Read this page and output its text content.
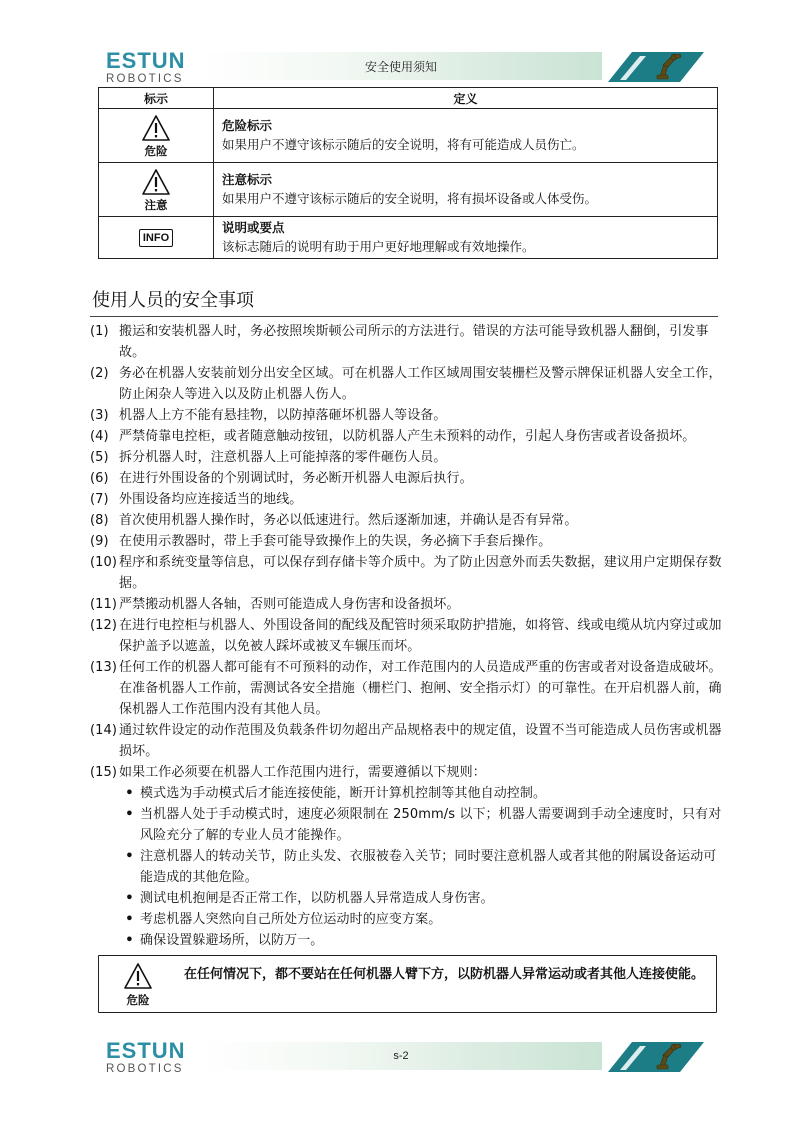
ESTUN
ROBOTICS
安全使用须知
标示	定义

危险	危险标示
如果用户不遵守该标示随后的安全说明，将有可能造成人员伤亡。

注意	注意标示
如果用户不遵守该标示随后的安全说明，将有损坏设备或人体受伤。

INFO	说明或要点
该标志随后的说明有助于用户更好地理解或有效地操作。
使用人员的安全事项
(1) 搬运和安装机器人时，务必按照埃斯顿公司所示的方法进行。错误的方法可能导致机器人翻倒，引发事故。
(2) 务必在机器人安装前划分出安全区域。可在机器人工作区域周围安装栅栏及警示牌保证机器人安全工作，防止闲杂人等进入以及防止机器人伤人。
(3) 机器人上方不能有悬挂物，以防掉落砸坏机器人等设备。
(4) 严禁倚靠电控柜，或者随意触动按钮，以防机器人产生未预料的动作，引起人身伤害或者设备损坏。
(5) 拆分机器人时，注意机器人上可能掉落的零件砸伤人员。
(6) 在进行外围设备的个别调试时，务必断开机器人电源后执行。
(7) 外围设备均应连接适当的地线。
(8) 首次使用机器人操作时，务必以低速进行。然后逐渐加速，并确认是否有异常。
(9) 在使用示教器时，带上手套可能导致操作上的失误，务必摘下手套后操作。
(10) 程序和系统变量等信息，可以保存到存储卡等介质中。为了防止因意外而丢失数据，建议用户定期保存数据。
(11) 严禁搬动机器人各轴，否则可能造成人身伤害和设备损坏。
(12) 在进行电控柜与机器人、外围设备间的配线及配管时须采取防护措施，如将管、线或电缆从坑内穿过或加保护盖予以遮盖，以免被人踩坏或被叉车辗压而坏。
(13) 任何工作的机器人都可能有不可预料的动作，对工作范围内的人员造成严重的伤害或者对设备造成破坏。在准备机器人工作前，需测试各安全措施（栅栏门、抱闸、安全指示灯）的可靠性。在开启机器人前，确保机器人工作范围内没有其他人员。
(14) 通过软件设定的动作范围及负载条件切勿超出产品规格表中的规定值，设置不当可能造成人员伤害或机器损坏。
(15) 如果工作必须要在机器人工作范围内进行，需要遵循以下规则：
• 模式选为手动模式后才能连接使能，断开计算机控制等其他自动控制。
• 当机器人处于手动模式时，速度必须限制在 250mm/s 以下；机器人需要调到手动全速度时，只有对风险充分了解的专业人员才能操作。
• 注意机器人的转动关节，防止头发、衣服被卷入关节；同时要注意机器人或者其他的附属设备运动可能造成的其他危险。
• 测试电机抱闸是否正常工作，以防机器人异常造成人身伤害。
• 考虑机器人突然向自己所处方位运动时的应变方案。
• 确保设置躲避场所，以防万一。
危险
在任何情况下，都不要站在任何机器人臂下方，以防机器人异常运动或者其他人连接使能。
ESTUN
ROBOTICS
s-2
